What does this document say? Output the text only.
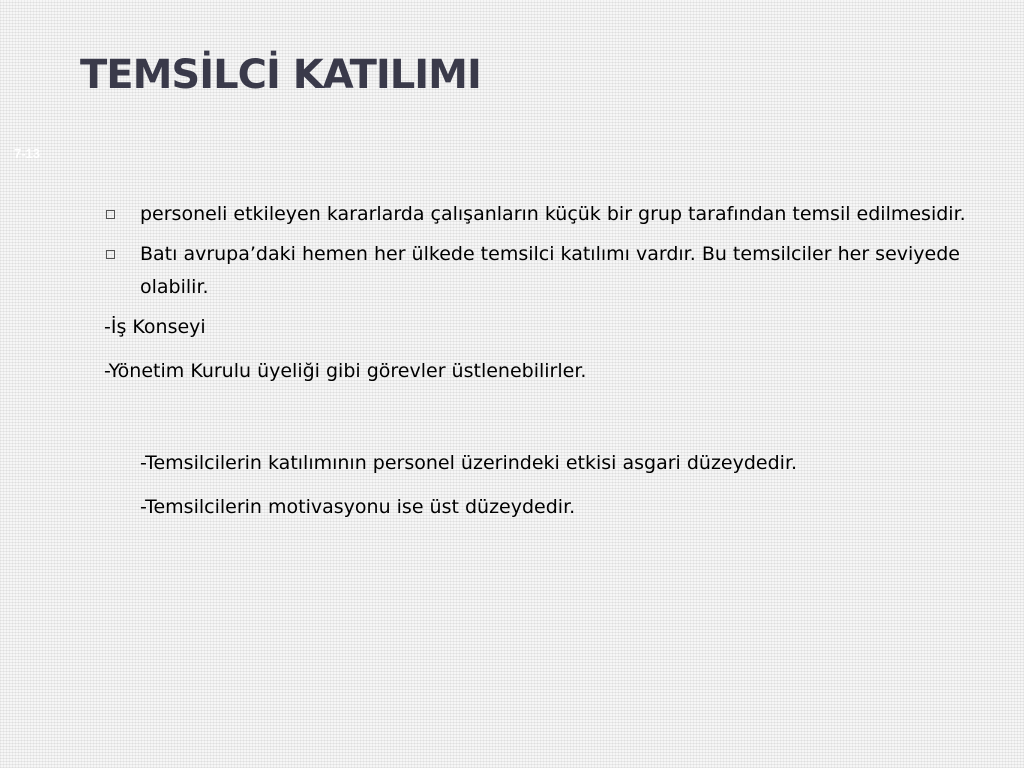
TEMSİLCİ KATILIMI
7-13
personeli etkileyen kararlarda çalışanların küçük bir grup tarafından temsil edilmesidir.
Batı avrupa’daki hemen her ülkede temsilci katılımı vardır. Bu temsilciler her seviyede olabilir.
-İş Konseyi
-Yönetim Kurulu üyeliği gibi görevler üstlenebilirler.
-Temsilcilerin katılımının personel üzerindeki etkisi asgari düzeydedir.
-Temsilcilerin motivasyonu ise üst düzeydedir.
